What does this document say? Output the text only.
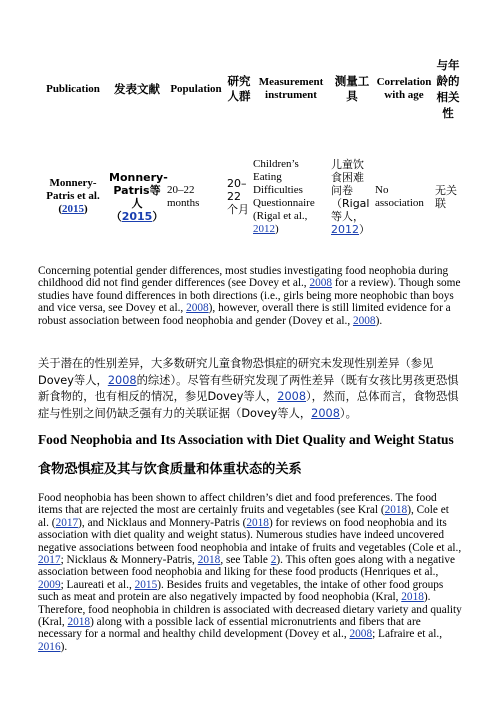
Publication	发表文献	Population	研究人群	Measurement instrument	测量工具	Correlation with age	与年龄的相关性
Monnery-Patris et al. (2015)	Monnery-Patris等人（2015）	20–22 months	20–22个月	Children’s Eating Difficulties Questionnaire (Rigal et al., 2012)	儿童饮食困难问卷（Rigal等人，2012）	No association	无关联

Concerning potential gender differences, most studies investigating food neophobia during childhood did not find gender differences (see Dovey et al., 2008 for a review). Though some studies have found differences in both directions (i.e., girls being more neophobic than boys and vice versa, see Dovey et al., 2008), however, overall there is still limited evidence for a robust association between food neophobia and gender (Dovey et al., 2008).

关于潜在的性别差异，大多数研究儿童食物恐惧症的研究未发现性别差异（参见Dovey等人，2008的综述）。尽管有些研究发现了两性差异（既有女孩比男孩更恐惧新食物的，也有相反的情况，参见Dovey等人，2008），然而，总体而言，食物恐惧症与性别之间仍缺乏强有力的关联证据（Dovey等人，2008）。

Food Neophobia and Its Association with Diet Quality and Weight Status
食物恐惧症及其与饮食质量和体重状态的关系

Food neophobia has been shown to affect children’s diet and food preferences. The food items that are rejected the most are certainly fruits and vegetables (see Kral (2018), Cole et al. (2017), and Nicklaus and Monnery-Patris (2018) for reviews on food neophobia and its association with diet quality and weight status). Numerous studies have indeed uncovered negative associations between food neophobia and intake of fruits and vegetables (Cole et al., 2017; Nicklaus & Monnery-Patris, 2018, see Table 2). This often goes along with a negative association between food neophobia and liking for these food products (Henriques et al., 2009; Laureati et al., 2015). Besides fruits and vegetables, the intake of other food groups such as meat and protein are also negatively impacted by food neophobia (Kral, 2018). Therefore, food neophobia in children is associated with decreased dietary variety and quality (Kral, 2018) along with a possible lack of essential micronutrients and fibers that are necessary for a normal and healthy child development (Dovey et al., 2008; Lafraire et al., 2016).
